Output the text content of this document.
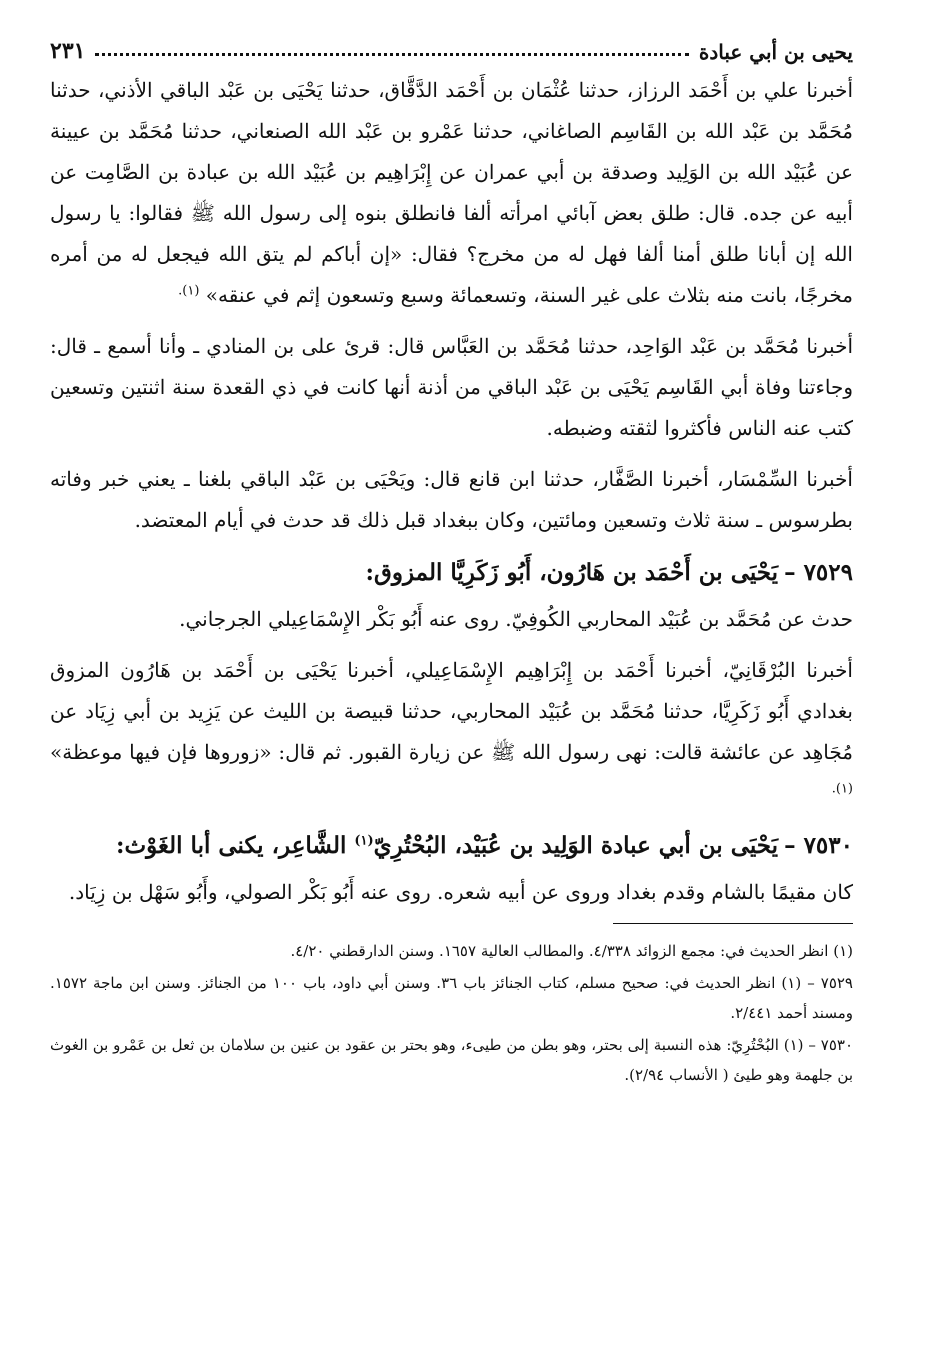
يحيى بن أبي عبادة
٢٣١

أخبرنا علي بن أَحْمَد الرزاز، حدثنا عُثْمَان بن أَحْمَد الدَّقَّاق، حدثنا يَحْيَى بن عَبْد الباقي الأذني، حدثنا مُحَمَّد بن عَبْد الله بن القَاسِم الصاغاني، حدثنا عَمْرو بن عَبْد الله الصنعاني، حدثنا مُحَمَّد بن عيينة عن عُبَيْد الله بن الوَلِيد وصدقة بن أبي عمران عن إِبْرَاهِيم بن عُبَيْد الله بن عبادة بن الصَّامِت عن أبيه عن جده. قال: طلق بعض آبائي امرأته ألفا فانطلق بنوه إلى رسول الله ﷺ فقالوا: يا رسول الله إن أبانا طلق أمنا ألفا فهل له من مخرج؟ فقال: «إن أباكم لم يتق الله فيجعل له من أمره مخرجًا، بانت منه بثلاث على غير السنة، وتسعمائة وسبع وتسعون إثم في عنقه» $^{(١).}$

أخبرنا مُحَمَّد بن عَبْد الوَاحِد، حدثنا مُحَمَّد بن العَبَّاس قال: قرئ على بن المنادي ـ وأنا أسمع ـ قال: وجاءتنا وفاة أبي القَاسِم يَحْيَى بن عَبْد الباقي من أذنة أنها كانت في ذي القعدة سنة اثنتين وتسعين كتب عنه الناس فأكثروا لثقته وضبطه.

أخبرنا السِّمْسَار، أخبرنا الصَّفَّار، حدثنا ابن قانع قال: ويَحْيَى بن عَبْد الباقي بلغنا ـ يعني خبر وفاته بطرسوس ـ سنة ثلاث وتسعين ومائتين، وكان ببغداد قبل ذلك قد حدث في أيام المعتضد.

٧٥٢٩ –يَحْيَى بن أَحْمَد بن هَارُون، أَبُو زَكَرِيَّا المزوق:

حدث عن مُحَمَّد بن عُبَيْد المحاربي الكُوفِيّ. روى عنه أَبُو بَكْر الإِسْمَاعِيلي الجرجاني.

أخبرنا البُرْقَانِيّ، أخبرنا أَحْمَد بن إِبْرَاهِيم الإِسْمَاعِيلي، أخبرنا يَحْيَى بن أَحْمَد بن هَارُون المزوق بغدادي أَبُو زَكَرِيَّا، حدثنا مُحَمَّد بن عُبَيْد المحاربي، حدثنا قبيصة بن الليث عن يَزِيد بن أبي زِيَاد عن مُجَاهِد عن عائشة قالت: نهى رسول الله ﷺ عن زيارة القبور. ثم قال: «زوروها فإن فيها موعظة» $^{(١).}$

٧٥٣٠ –يَحْيَى بن أبي عبادة الوَلِيد بن عُبَيْد، البُحْتُرِيّ$^{(١)}$ الشَّاعِر، يكنى أبا الغَوْث:

كان مقيمًا بالشام وقدم بغداد وروى عن أبيه شعره. روى عنه أَبُو بَكْر الصولي، وأَبُو سَهْل بن زِيَاد.

(١) انظر الحديث في: مجمع الزوائد ٤/٣٣٨. والمطالب العالية ١٦٥٧. وسنن الدارقطني ٤/٢٠.

٧٥٢٩ – (١) انظر الحديث في: صحيح مسلم، كتاب الجنائز باب ٣٦. وسنن أبي داود، باب ١٠٠ من الجنائز. وسنن ابن ماجة ١٥٧٢. ومسند أحمد ٢/٤٤١.

٧٥٣٠ – (١) البُحْتُرِيّ: هذه النسبة إلى بحتر، وهو بطن من طيىء، وهو بحتر بن عقود بن عنين بن سلامان بن ثعل بن عَمْرو بن الغوث بن جلهمة وهو طيئ ( الأنساب ٢/٩٤).
